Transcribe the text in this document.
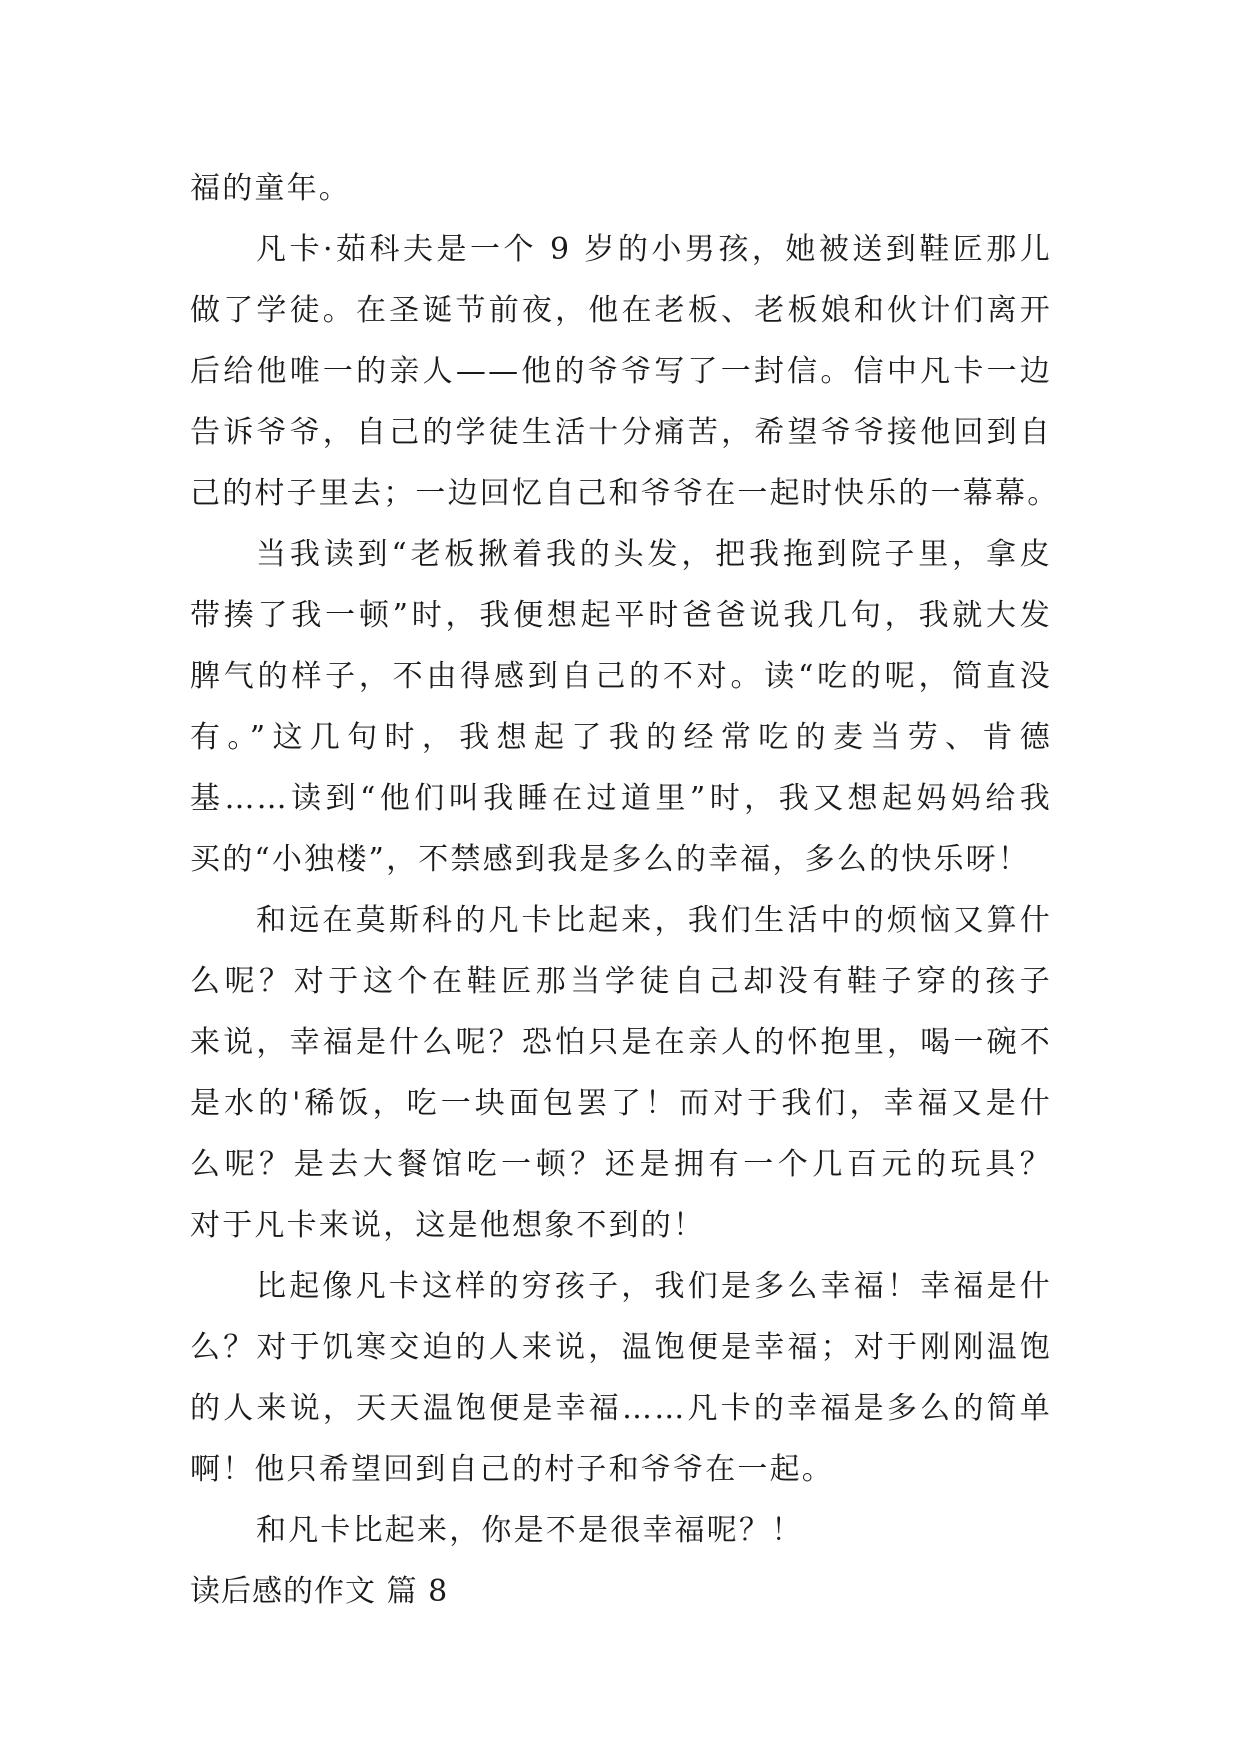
福的童年。
凡卡·茹科夫是一个 9 岁的小男孩，她被送到鞋匠那儿
做了学徒。在圣诞节前夜，他在老板、老板娘和伙计们离开
后给他唯一的亲人——他的爷爷写了一封信。信中凡卡一边
告诉爷爷，自己的学徒生活十分痛苦，希望爷爷接他回到自
己的村子里去；一边回忆自己和爷爷在一起时快乐的一幕幕。
当我读到“老板揪着我的头发，把我拖到院子里，拿皮
带揍了我一顿”时，我便想起平时爸爸说我几句，我就大发
脾气的样子，不由得感到自己的不对。读“吃的呢，简直没
有。”这几句时，我想起了我的经常吃的麦当劳、肯德
基……读到“他们叫我睡在过道里”时，我又想起妈妈给我
买的“小独楼”，不禁感到我是多么的幸福，多么的快乐呀！
和远在莫斯科的凡卡比起来，我们生活中的烦恼又算什
么呢？对于这个在鞋匠那当学徒自己却没有鞋子穿的孩子
来说，幸福是什么呢？恐怕只是在亲人的怀抱里，喝一碗不
是水的'稀饭，吃一块面包罢了！而对于我们，幸福又是什
么呢？是去大餐馆吃一顿？还是拥有一个几百元的玩具？
对于凡卡来说，这是他想象不到的！
比起像凡卡这样的穷孩子，我们是多么幸福！幸福是什
么？对于饥寒交迫的人来说，温饱便是幸福；对于刚刚温饱
的人来说，天天温饱便是幸福……凡卡的幸福是多么的简单
啊！他只希望回到自己的村子和爷爷在一起。
和凡卡比起来，你是不是很幸福呢？！
读后感的作文 篇 8
